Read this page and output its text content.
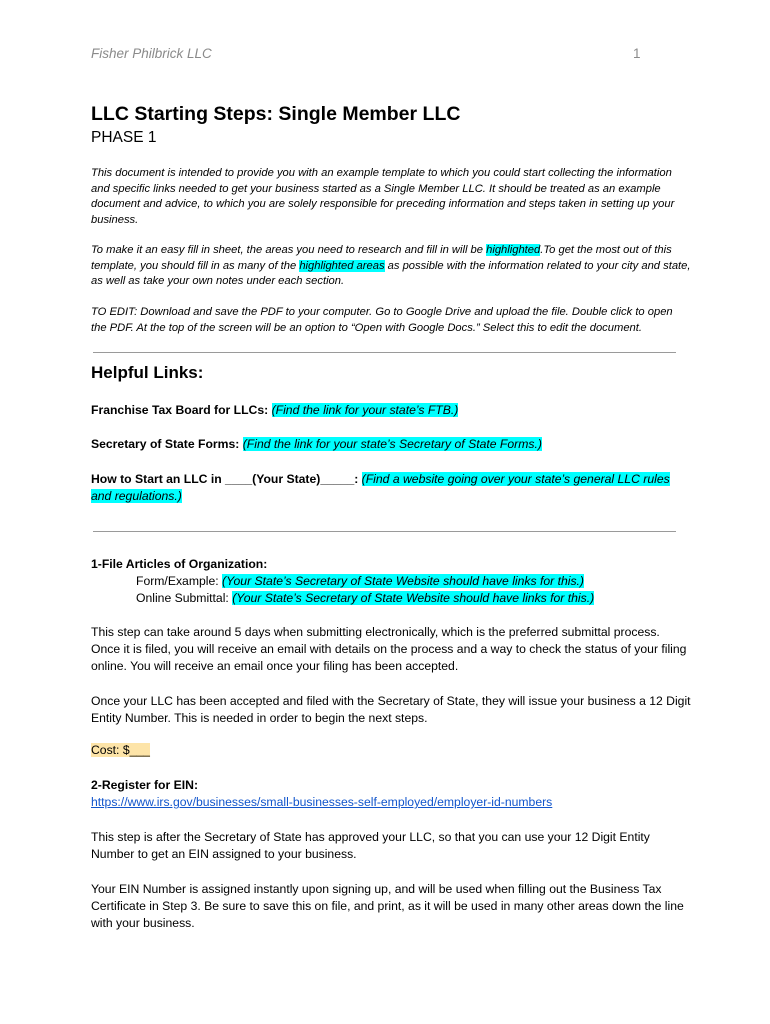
Fisher Philbrick LLC	1
LLC Starting Steps: Single Member LLC
PHASE 1
This document is intended to provide you with an example template to which you could start collecting the information and specific links needed to get your business started as a Single Member LLC. It should be treated as an example document and advice, to which you are solely responsible for preceding information and steps taken in setting up your business.
To make it an easy fill in sheet, the areas you need to research and fill in will be highlighted.To get the most out of this template, you should fill in as many of the highlighted areas as possible with the information related to your city and state, as well as take your own notes under each section.
TO EDIT: Download and save the PDF to your computer. Go to Google Drive and upload the file. Double click to open the PDF. At the top of the screen will be an option to “Open with Google Docs.” Select this to edit the document.
Helpful Links:
Franchise Tax Board for LLCs: (Find the link for your state’s FTB.)
Secretary of State Forms: (Find the link for your state’s Secretary of State Forms.)
How to Start an LLC in ____(Your State)_____: (Find a website going over your state’s general LLC rules and regulations.)
1-File Articles of Organization:
Form/Example: (Your State’s Secretary of State Website should have links for this.)
Online Submittal: (Your State’s Secretary of State Website should have links for this.)
This step can take around 5 days when submitting electronically, which is the preferred submittal process. Once it is filed, you will receive an email with details on the process and a way to check the status of your filing online. You will receive an email once your filing has been accepted.
Once your LLC has been accepted and filed with the Secretary of State, they will issue your business a 12 Digit Entity Number. This is needed in order to begin the next steps.
Cost: $___
2-Register for EIN:
https://www.irs.gov/businesses/small-businesses-self-employed/employer-id-numbers
This step is after the Secretary of State has approved your LLC, so that you can use your 12 Digit Entity Number to get an EIN assigned to your business.
Your EIN Number is assigned instantly upon signing up, and will be used when filling out the Business Tax Certificate in Step 3. Be sure to save this on file, and print, as it will be used in many other areas down the line with your business.
